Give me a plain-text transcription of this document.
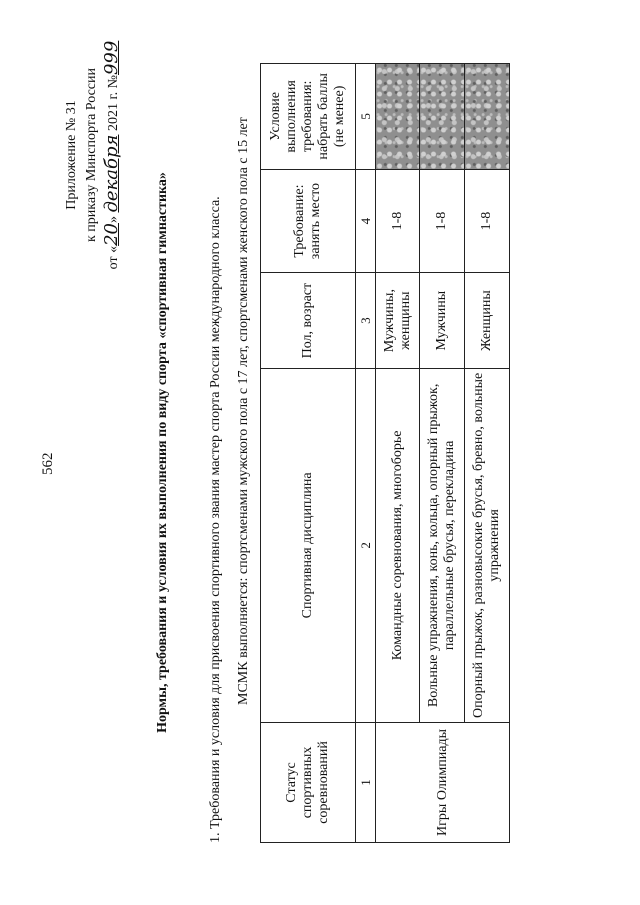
562
Приложение № 31 к приказу Минспорта России
от «20» декабря 2021 г. №999
Нормы, требования и условия их выполнения по виду спорта «спортивная гимнастика»	1. Требования и условия для присвоения спортивного звания мастер спорта России международного класса. МСМК выполняется: спортсменами мужского пола с 17 лет, спортсменами женского пола с 15 лет
Статус спортивных соревнований	Спортивная дисциплина	Пол, возраст	Требование: занять место	Условие выполнения требования: набрать баллы (не менее)
1	2	3	4	5
Игры Олимпиады	Командные соревнования, многоборье	Мужчины, женщины	1-8	
	Вольные упражнения, конь, кольца, опорный прыжок, параллельные брусья, перекладина	Мужчины	1-8	
	Опорный прыжок, разновысокие брусья, бревно, вольные упражнения	Женщины	1-8	
